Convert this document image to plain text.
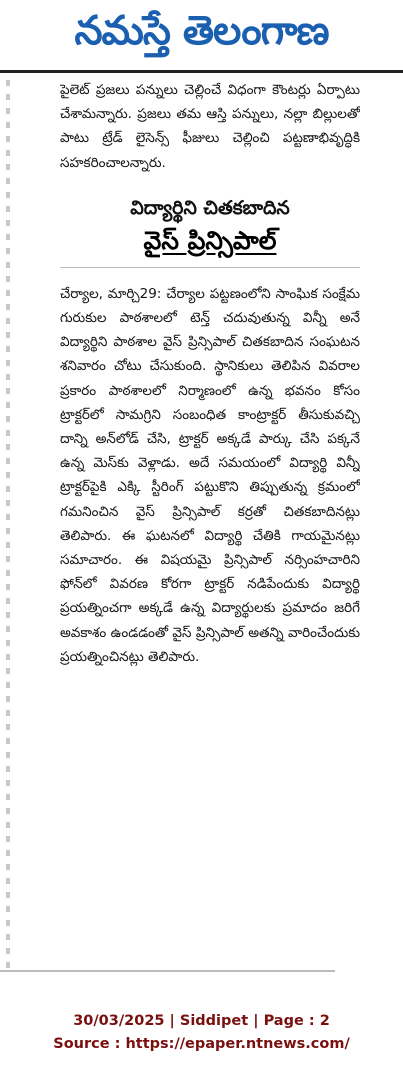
నమస్తే తెలంగాణ

పైలెట్ ప్రజలు పన్నులు చెల్లించే విధంగా కౌంటర్లు ఏర్పాటు చేశామన్నారు. ప్రజలు తమ ఆస్తి పన్నులు, నల్లా బిల్లులతో పాటు ట్రేడ్ లైసెన్స్ ఫీజులు చెల్లించి పట్టణాభివృద్ధికి సహకరించాలన్నారు.

విద్యార్థిని చితకబాదిన
వైస్ ప్రిన్సిపాల్

చేర్యాల, మార్చి29: చేర్యాల పట్టణంలోని సాంఘిక సంక్షేమ గురుకుల పాఠశాలలో టెన్త్ చదువుతున్న విన్నీ అనే విద్యార్థిని పాఠశాల వైస్ ప్రిన్సిపాల్ చితకబాదిన సంఘటన శనివారం చోటు చేసుకుంది. స్థానికులు తెలిపిన వివరాల ప్రకారం పాఠశాలలో నిర్మాణంలో ఉన్న భవనం కోసం ట్రాక్టర్‌లో సామగ్రిని సంబంధిత కాంట్రాక్టర్ తీసుకువచ్చి దాన్ని అన్‌లోడ్ చేసి, ట్రాక్టర్ అక్కడే పార్కు చేసి పక్కనే ఉన్న మెస్‌కు వెళ్లాడు. అదే సమయంలో విద్యార్థి విన్నీ ట్రాక్టర్‌పైకి ఎక్కి స్టీరింగ్ పట్టుకొని తిప్పుతున్న క్రమంలో గమనించిన వైస్ ప్రిన్సిపాల్ కర్రతో చితకబాదినట్లు తెలిపారు. ఈ ఘటనలో విద్యార్థి చేతికి గాయమైనట్లు సమాచారం. ఈ విషయమై ప్రిన్సిపాల్ నర్సింహచారిని ఫోన్‌లో వివరణ కోరగా ట్రాక్టర్ నడిపేందుకు విద్యార్థి ప్రయత్నించగా అక్కడే ఉన్న విద్యార్థులకు ప్రమాదం జరిగే అవకాశం ఉండడంతో వైస్ ప్రిన్సిపాల్ అతన్ని వారించేందుకు ప్రయత్నించినట్లు తెలిపారు.

30/03/2025 | Siddipet | Page : 2
Source : https://epaper.ntnews.com/
